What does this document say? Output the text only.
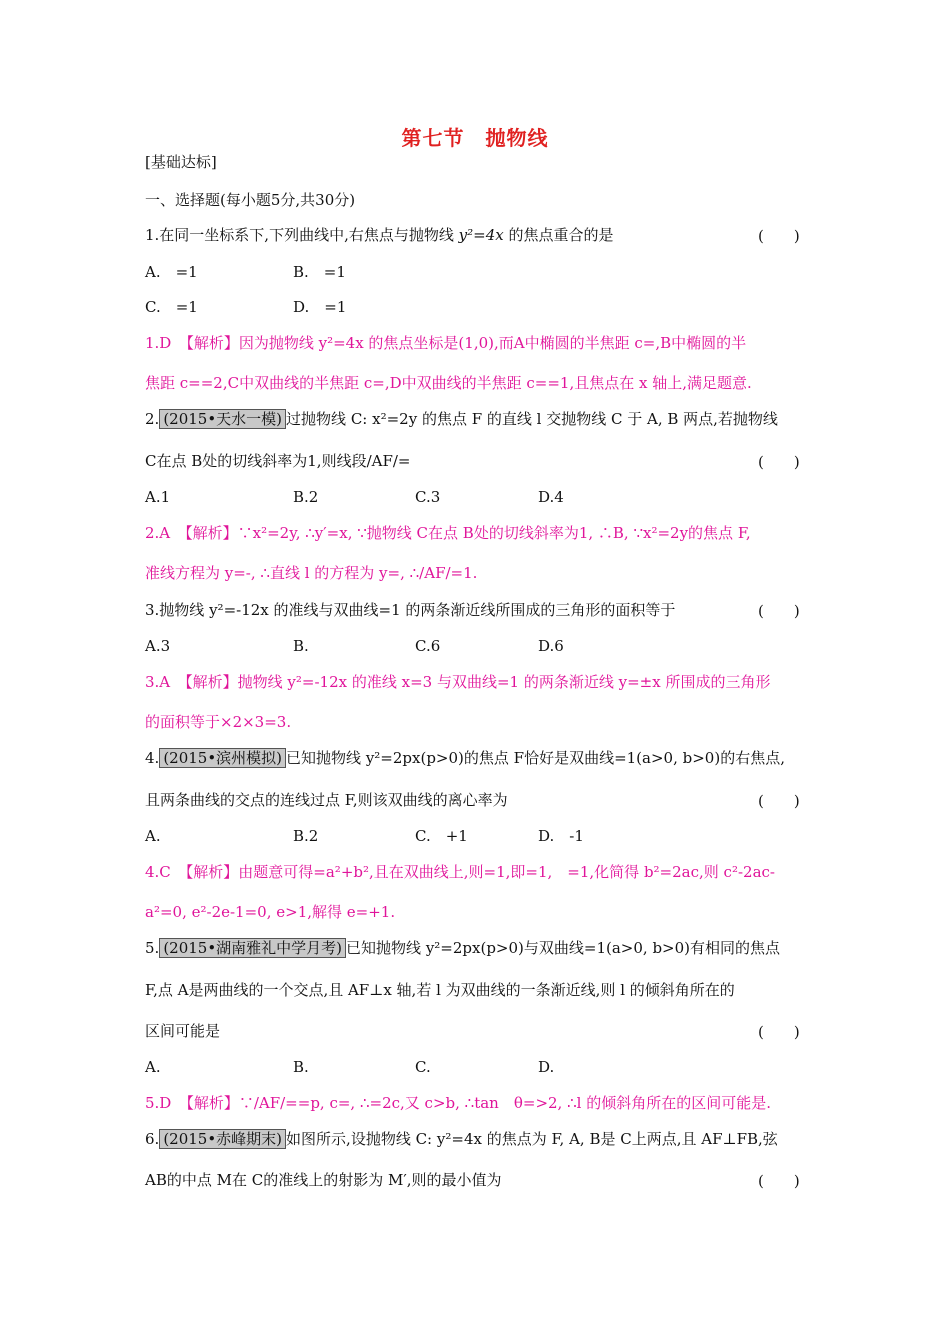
第七节　抛物线
[基础达标]
一、选择题(每小题5分,共30分)
1.在同一坐标系下,下列曲线中,右焦点与抛物线 y²=4x 的焦点重合的是	(　　)
A.　=1	B.　=1
C.　=1	D.　=1
1.D　【解析】因为抛物线 y²=4x 的焦点坐标是(1,0),而A中椭圆的半焦距 c=,B中椭圆的半
焦距 c==2,C中双曲线的半焦距 c=,D中双曲线的半焦距 c==1,且焦点在 x 轴上,满足题意.
2. (2015•天水一模) 过抛物线 C: x²=2y 的焦点 F 的直线 l 交抛物线 C 于 A, B 两点,若抛物线
C在点 B处的切线斜率为1,则线段/AF/=	(　　)
A.1	B.2	C.3	D.4
2.A　【解析】∵x²=2y, ∴y′=x, ∵抛物线 C在点 B处的切线斜率为1, ∴B, ∵x²=2y的焦点 F,
准线方程为 y=-, ∴直线 l 的方程为 y=, ∴/AF/=1.
3.抛物线 y²=-12x 的准线与双曲线=1 的两条渐近线所围成的三角形的面积等于	(　　)
A.3	B.	C.6	D.6
3.A　【解析】抛物线 y²=-12x 的准线 x=3 与双曲线=1 的两条渐近线 y=±x 所围成的三角形
的面积等于×2×3=3.
4. (2015•滨州模拟) 已知抛物线 y²=2px(p>0)的焦点 F恰好是双曲线=1(a>0, b>0)的右焦点,
且两条曲线的交点的连线过点 F,则该双曲线的离心率为	(　　)
A.	B.2	C.　+1	D.　-1
4.C　【解析】由题意可得=a²+b²,且在双曲线上,则=1,即=1,　=1,化简得 b²=2ac,则 c²-2ac-
a²=0, e²-2e-1=0, e>1,解得 e=+1.
5. (2015•湖南雅礼中学月考) 已知抛物线 y²=2px(p>0)与双曲线=1(a>0, b>0)有相同的焦点
F,点 A是两曲线的一个交点,且 AF⊥x 轴,若 l 为双曲线的一条渐近线,则 l 的倾斜角所在的
区间可能是	(　　)
A.	B.	C.	D.
5.D　【解析】∵/AF/==p, c=, ∴=2c,又 c>b, ∴tan　θ=>2, ∴l 的倾斜角所在的区间可能是.
6. (2015•赤峰期末) 如图所示,设抛物线 C: y²=4x 的焦点为 F, A, B是 C上两点,且 AF⊥FB,弦
AB的中点 M在 C的准线上的射影为 M′,则的最小值为	(　　)
